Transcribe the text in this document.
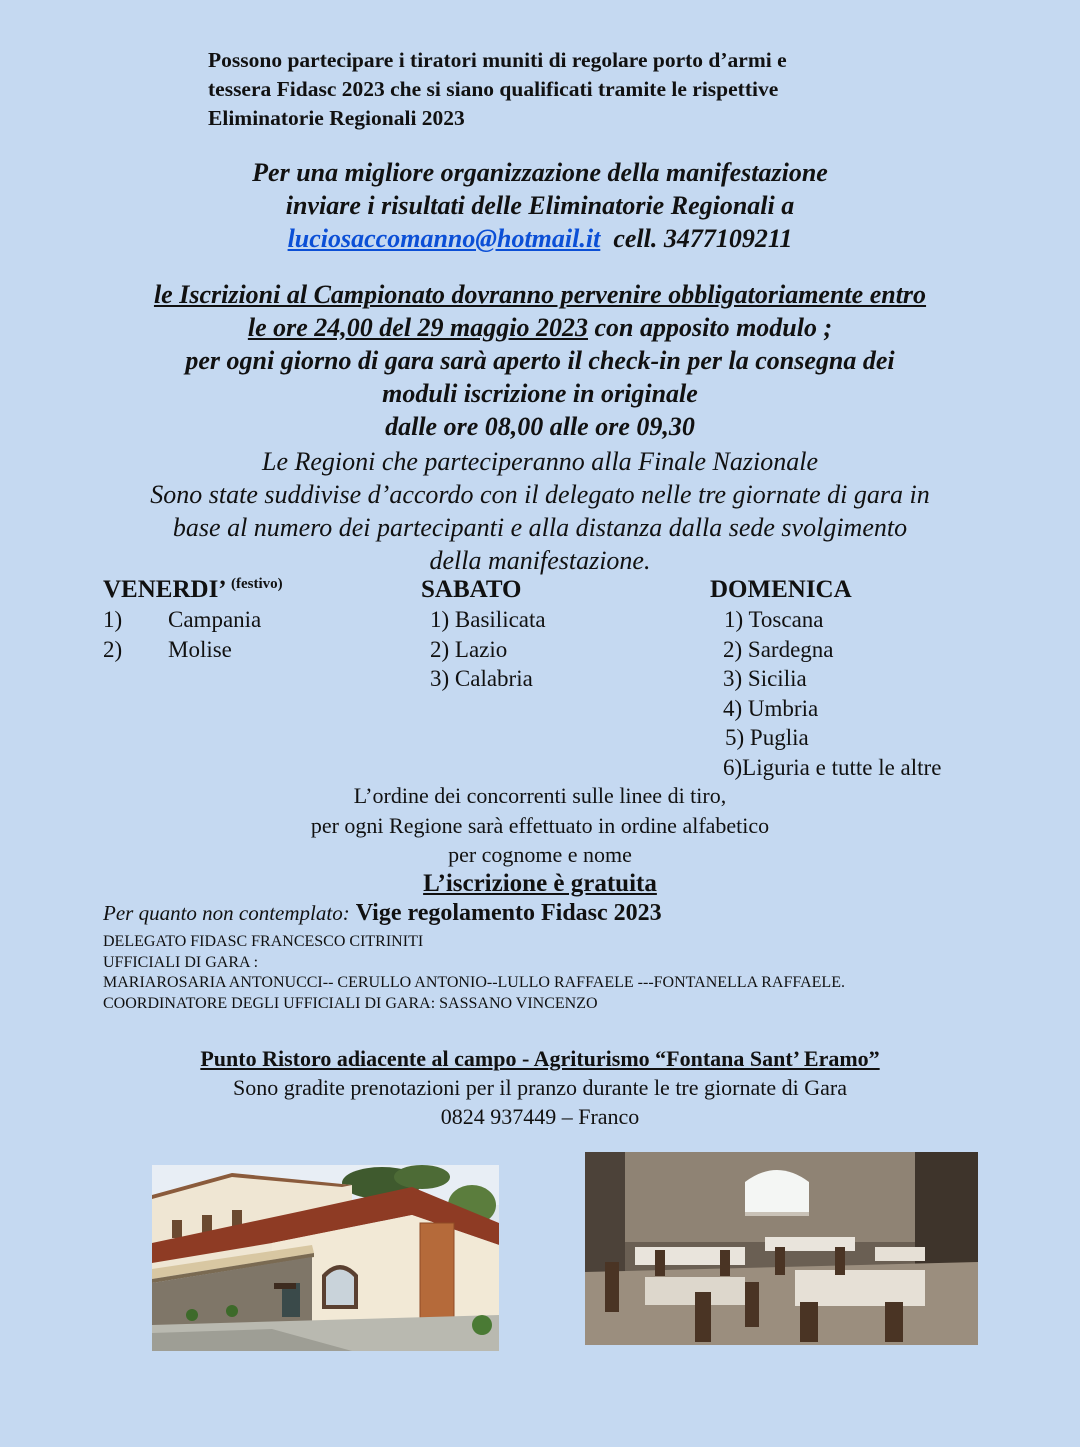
Possono partecipare i tiratori muniti di regolare porto d’armi e
tessera Fidasc 2023 che si siano qualificati tramite le rispettive
Eliminatorie Regionali 2023
Per una migliore organizzazione della manifestazione
inviare i risultati delle Eliminatorie Regionali a
luciosaccomanno@hotmail.it cell. 3477109211
le Iscrizioni al Campionato dovranno pervenire obbligatoriamente entro
le ore 24,00 del 29 maggio 2023 con apposito modulo ;
per ogni giorno di gara sarà aperto il check-in per la consegna dei
moduli iscrizione in originale
dalle ore 08,00 alle ore 09,30
Le Regioni che parteciperanno alla Finale Nazionale
Sono state suddivise d’accordo con il delegato nelle tre giornate di gara in
base al numero dei partecipanti e alla distanza dalla sede svolgimento
della manifestazione.
VENERDI’ $^{(festivo)}$
1) Campania
2) Molise
SABATO
1) Basilicata
2) Lazio
3) Calabria
DOMENICA
1) Toscana
2) Sardegna
3) Sicilia
4) Umbria
5) Puglia
6)Liguria e tutte le altre
L’ordine dei concorrenti sulle linee di tiro,
per ogni Regione sarà effettuato in ordine alfabetico
per cognome e nome
L’iscrizione è gratuita
Per quanto non contemplato: Vige regolamento Fidasc 2023
DELEGATO FIDASC FRANCESCO CITRINITI
UFFICIALI DI GARA :
MARIAROSARIA ANTONUCCI-- CERULLO ANTONIO--LULLO RAFFAELE ---FONTANELLA RAFFAELE.
COORDINATORE DEGLI UFFICIALI DI GARA: SASSANO VINCENZO
Punto Ristoro adiacente al campo - Agriturismo “Fontana Sant’ Eramo”
Sono gradite prenotazioni per il pranzo durante le tre giornate di Gara
0824 937449 – Franco
